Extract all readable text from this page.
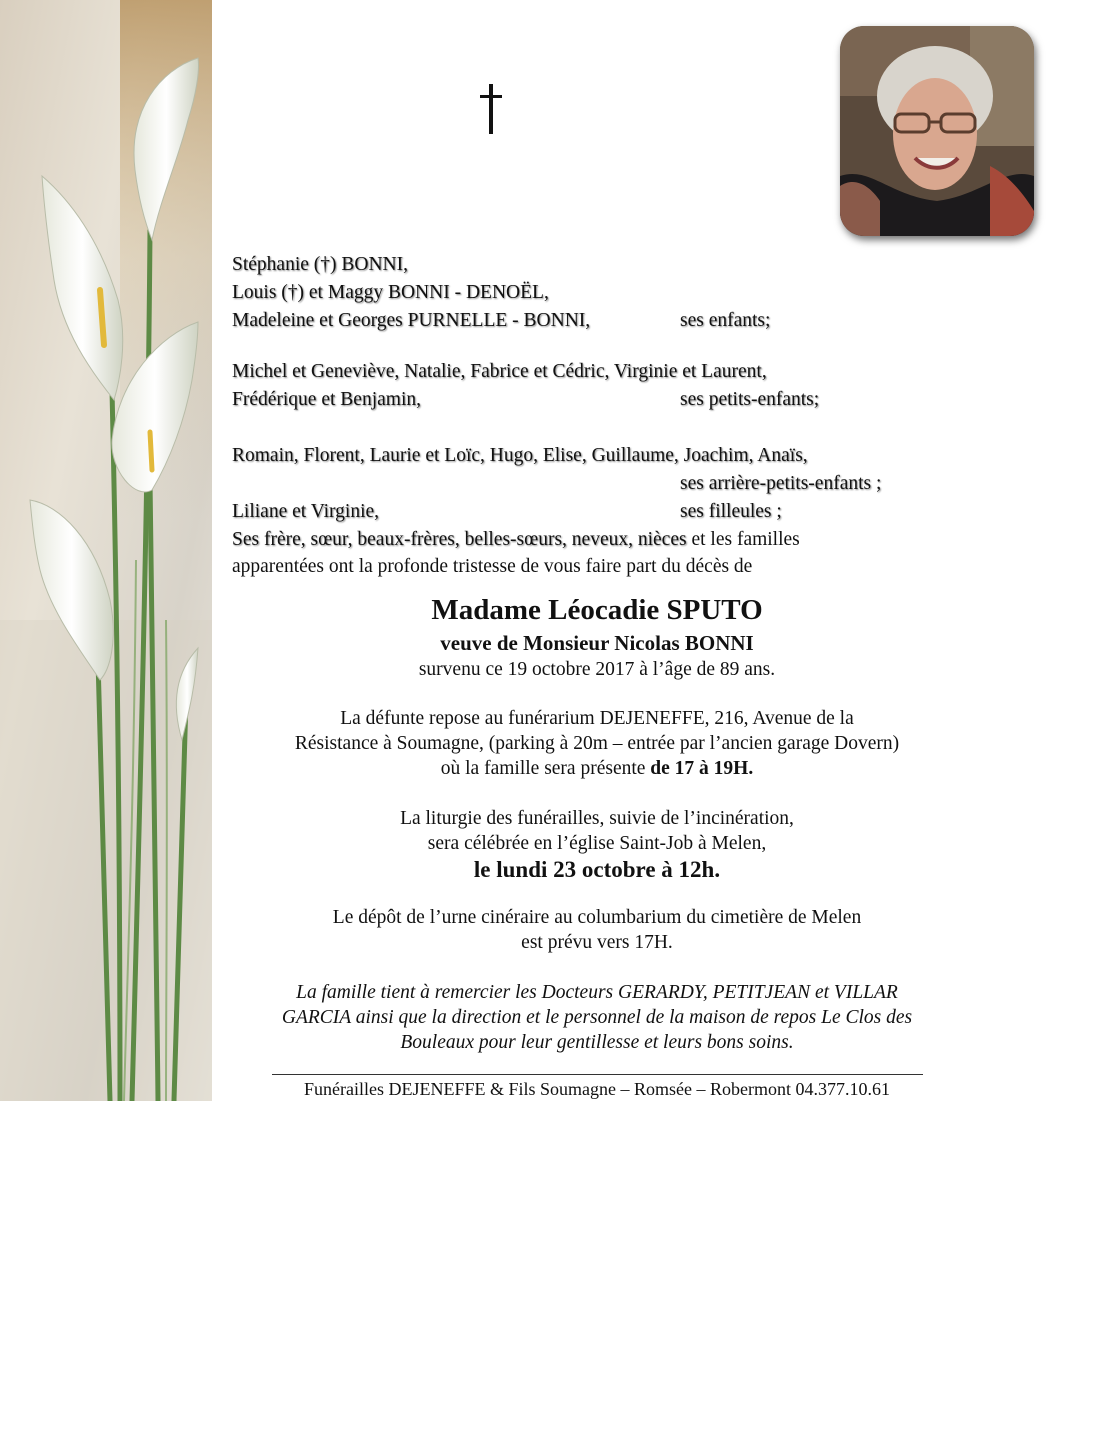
Stéphanie (†) BONNI,
Louis (†) et Maggy BONNI - DENOËL,
Madeleine et Georges PURNELLE - BONNI,	ses enfants;
Michel et Geneviève, Natalie, Fabrice et Cédric, Virginie et Laurent,
Frédérique et Benjamin,	ses petits-enfants;
Romain, Florent, Laurie et Loïc, Hugo, Elise, Guillaume, Joachim, Anaïs,
ses arrière-petits-enfants ;
Liliane et Virginie,	ses filleules ;
Ses frère, sœur, beaux-frères, belles-sœurs, neveux, nièces et les familles
apparentées ont la profonde tristesse de vous faire part du décès de
Madame Léocadie SPUTO
veuve de Monsieur Nicolas BONNI
survenu ce 19 octobre 2017 à l’âge de 89 ans.
La défunte repose au funérarium DEJENEFFE, 216, Avenue de la
Résistance à Soumagne, (parking à 20m – entrée par l’ancien garage Dovern)
où la famille sera présente de 17 à 19H.
La liturgie des funérailles, suivie de l’incinération,
sera célébrée en l’église Saint-Job à Melen,
le lundi 23 octobre à 12h.
Le dépôt de l’urne cinéraire au columbarium du cimetière de Melen
est prévu vers 17H.
La famille tient à remercier les Docteurs GERARDY, PETITJEAN et VILLAR
GARCIA ainsi que la direction et le personnel de la maison de repos Le Clos des
Bouleaux pour leur gentillesse et leurs bons soins.
Funérailles DEJENEFFE & Fils Soumagne – Romsée – Robermont 04.377.10.61
